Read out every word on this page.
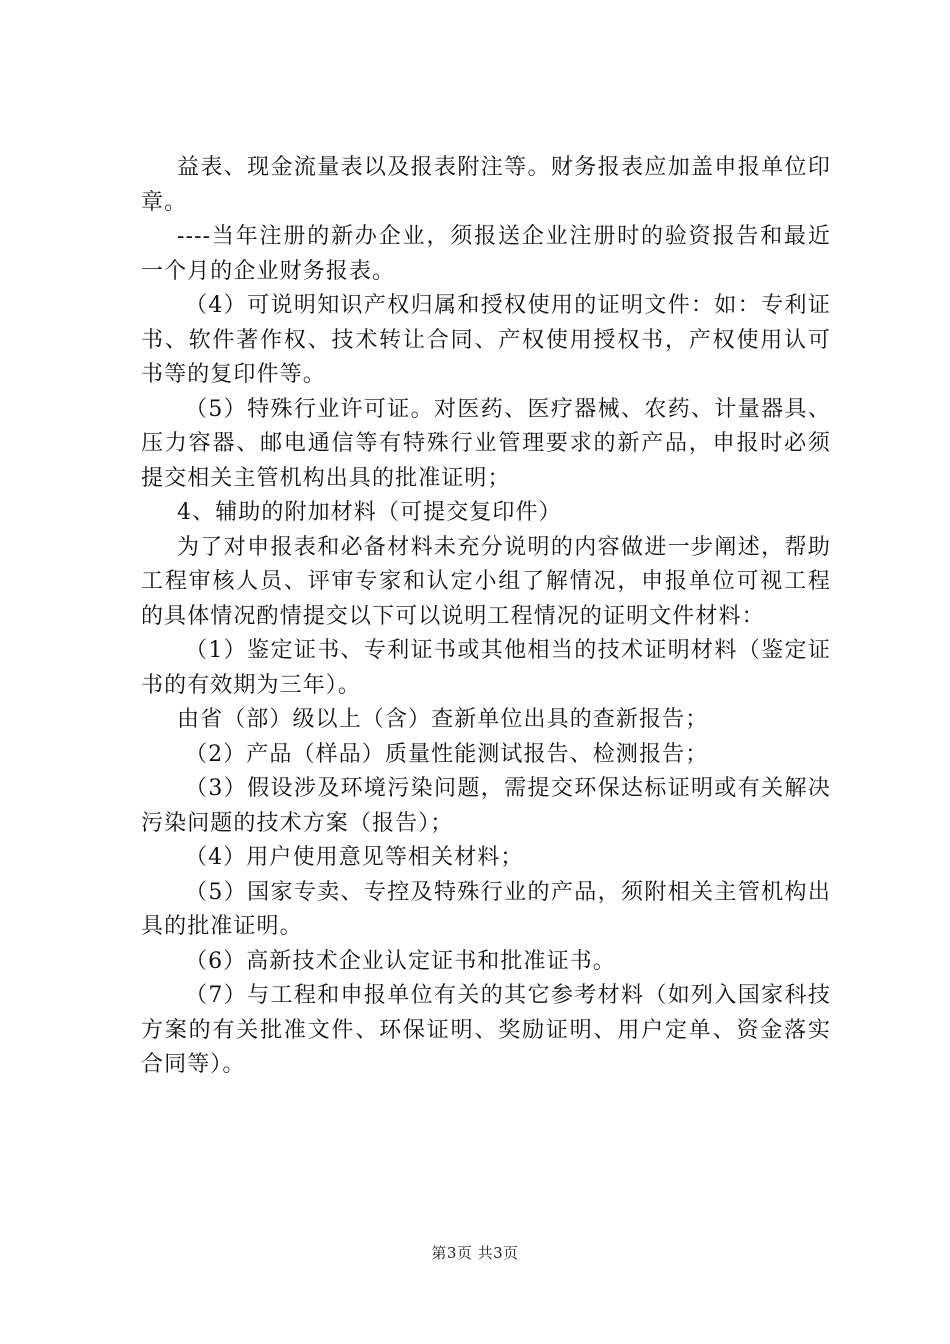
益表、现金流量表以及报表附注等。财务报表应加盖申报单位印章。

----当年注册的新办企业，须报送企业注册时的验资报告和最近一个月的企业财务报表。

（4）可说明知识产权归属和授权使用的证明文件：如：专利证书、软件著作权、技术转让合同、产权使用授权书，产权使用认可书等的复印件等。

（5）特殊行业许可证。对医药、医疗器械、农药、计量器具、压力容器、邮电通信等有特殊行业管理要求的新产品，申报时必须提交相关主管机构出具的批准证明；

4、辅助的附加材料（可提交复印件）

为了对申报表和必备材料未充分说明的内容做进一步阐述，帮助工程审核人员、评审专家和认定小组了解情况，申报单位可视工程的具体情况酌情提交以下可以说明工程情况的证明文件材料：

（1）鉴定证书、专利证书或其他相当的技术证明材料（鉴定证书的有效期为三年）。

由省（部）级以上（含）查新单位出具的查新报告；

（2）产品（样品）质量性能测试报告、检测报告；

（3）假设涉及环境污染问题，需提交环保达标证明或有关解决污染问题的技术方案（报告）；

（4）用户使用意见等相关材料；

（5）国家专卖、专控及特殊行业的产品，须附相关主管机构出具的批准证明。

（6）高新技术企业认定证书和批准证书。

（7）与工程和申报单位有关的其它参考材料（如列入国家科技方案的有关批准文件、环保证明、奖励证明、用户定单、资金落实合同等）。

第3页 共3页
